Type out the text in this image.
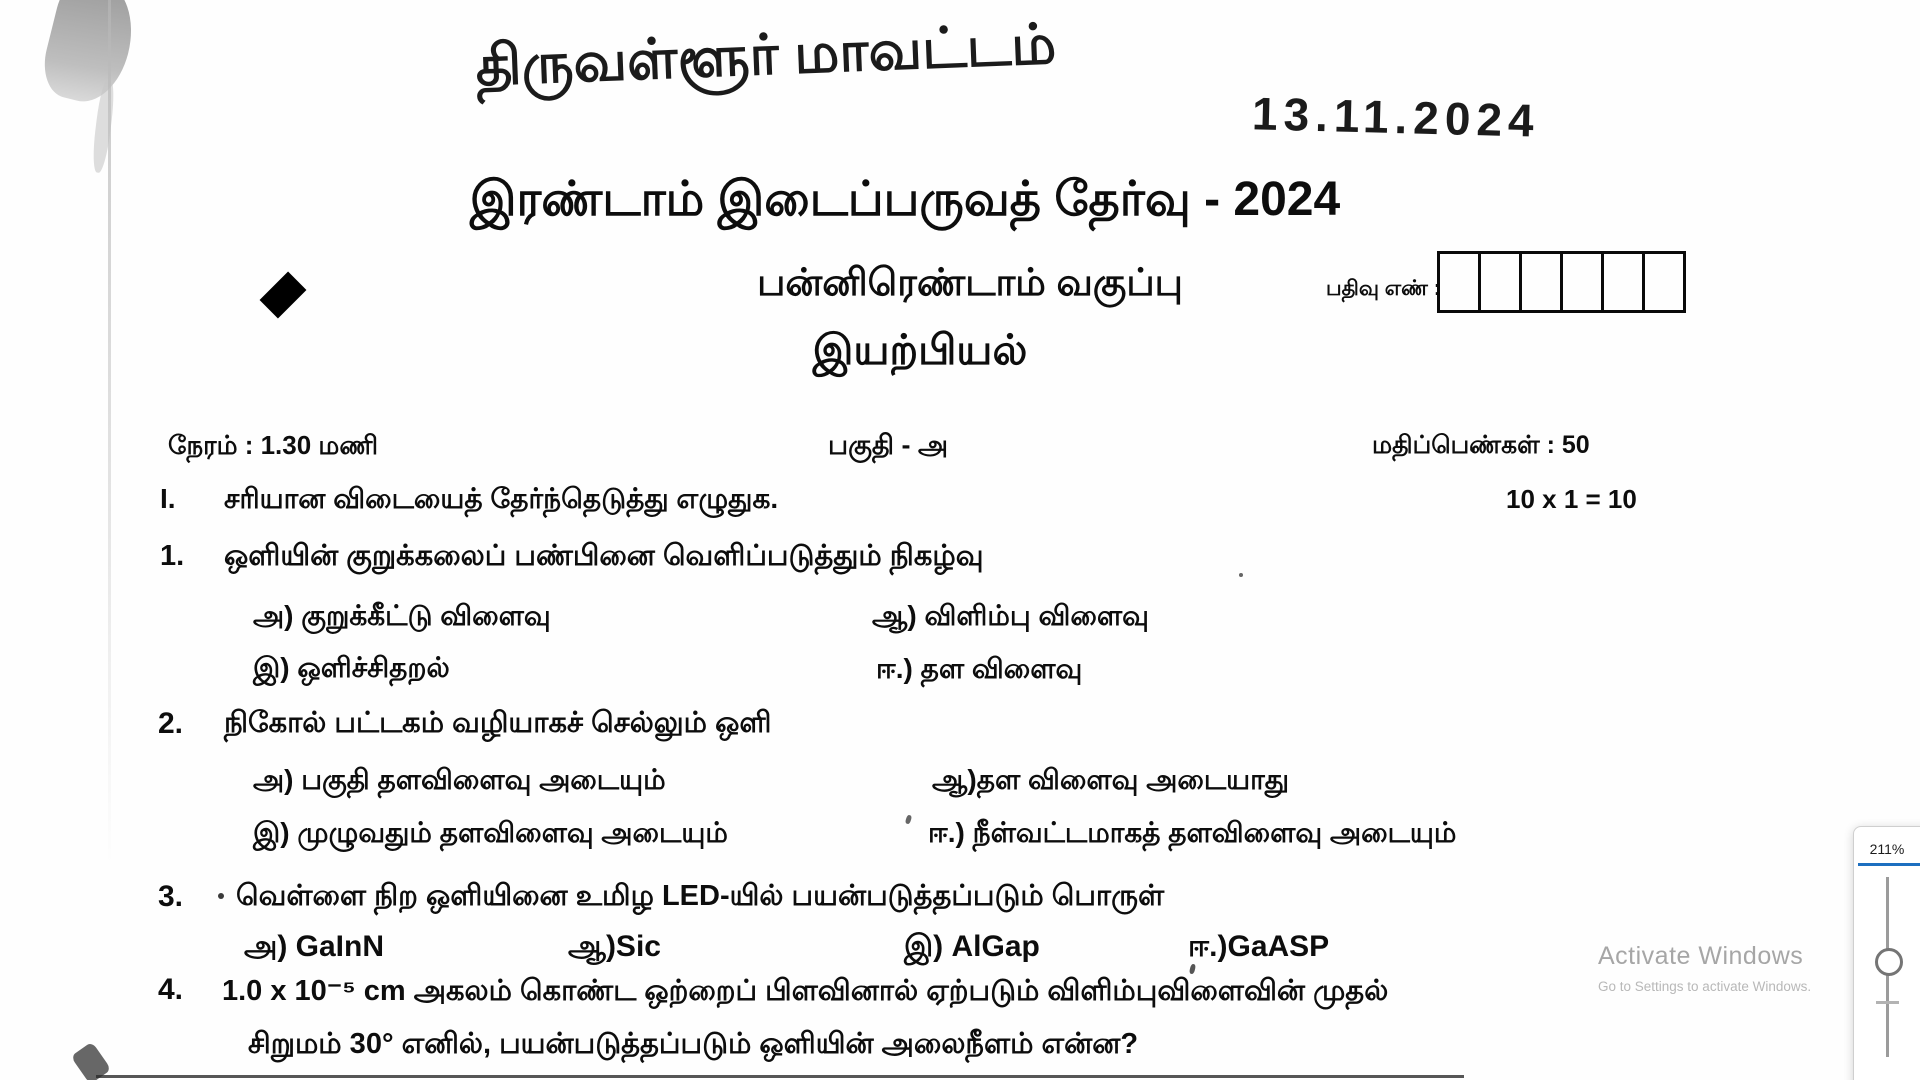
திருவள்ளூர் மாவட்டம்
13.11.2024
இரண்டாம் இடைப்பருவத் தேர்வு - 2024
பன்னிரெண்டாம் வகுப்பு	பதிவு எண் :
இயற்பியல்
நேரம் : 1.30 மணி	பகுதி - அ	மதிப்பெண்கள் : 50
I. சரியான விடையைத் தேர்ந்தெடுத்து எழுதுக.	10 x 1 = 10
1. ஒளியின் குறுக்கலைப் பண்பினை வெளிப்படுத்தும் நிகழ்வு
அ) குறுக்கீட்டு விளைவு	ஆ) விளிம்பு விளைவு
இ) ஒளிச்சிதறல்	ஈ.) தள விளைவு
2. நிகோல் பட்டகம் வழியாகச் செல்லும் ஒளி
அ) பகுதி தளவிளைவு அடையும்	ஆ)தள விளைவு அடையாது
இ) முழுவதும் தளவிளைவு அடையும்	ஈ.) நீள்வட்டமாகத் தளவிளைவு அடையும்
3. வெள்ளை நிற ஒளியினை உமிழ LED-யில் பயன்படுத்தப்படும் பொருள்
அ) GaInN	ஆ)Sic	இ) AlGap	ஈ.)GaASP
4. 1.0 x 10⁻⁵ cm அகலம் கொண்ட ஒற்றைப் பிளவினால் ஏற்படும் விளிம்புவிளைவின் முதல்
சிறுமம் 30° எனில், பயன்படுத்தப்படும் ஒளியின் அலைநீளம் என்ன?
Activate Windows
Go to Settings to activate Windows.
211%
